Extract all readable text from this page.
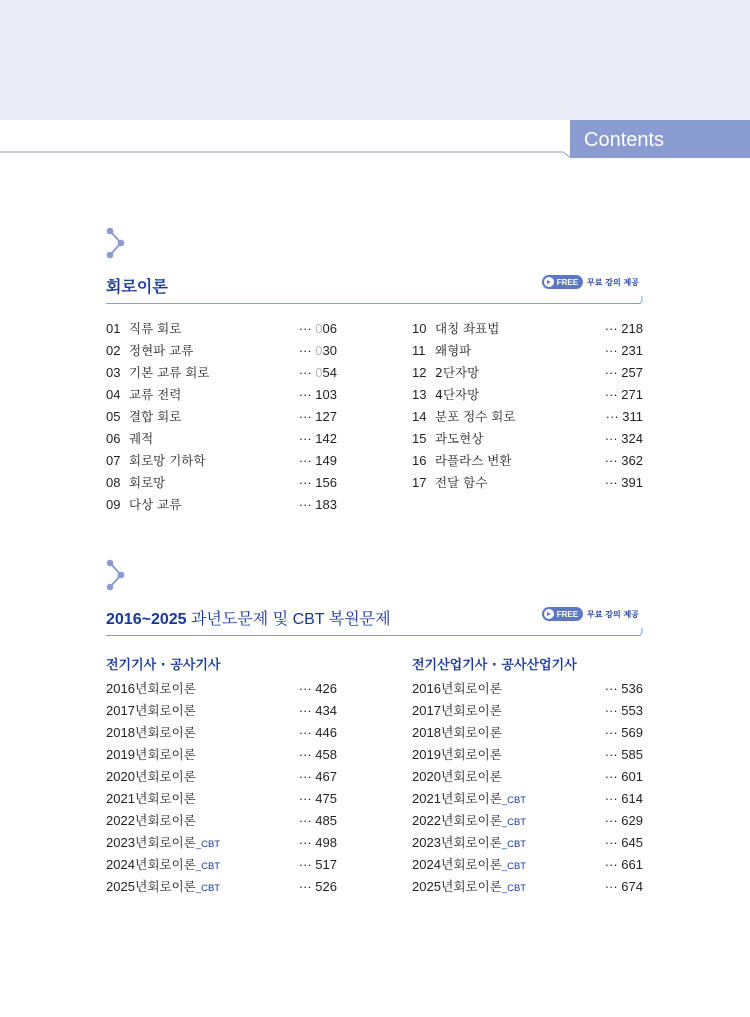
Contents
회로이론	FREE 무료 강의 제공
01 직류 회로	··· 006
02 정현파 교류	··· 030
03 기본 교류 회로	··· 054
04 교류 전력	··· 103
05 결합 회로	··· 127
06 궤적	··· 142
07 회로망 기하학	··· 149
08 회로망	··· 156
09 다상 교류	··· 183
10 대칭 좌표법	··· 218
11 왜형파	··· 231
12 2단자망	··· 257
13 4단자망	··· 271
14 분포 정수 회로	··· 311
15 과도현상	··· 324
16 라플라스 변환	··· 362
17 전달 함수	··· 391
2016~2025 과년도문제 및 CBT 복원문제	FREE 무료 강의 제공
전기기사 · 공사기사	전기산업기사 · 공사산업기사
2016년회로이론	··· 426
2017년회로이론	··· 434
2018년회로이론	··· 446
2019년회로이론	··· 458
2020년회로이론	··· 467
2021년회로이론	··· 475
2022년회로이론	··· 485
2023년회로이론_CBT	··· 498
2024년회로이론_CBT	··· 517
2025년회로이론_CBT	··· 526
2016년회로이론	··· 536
2017년회로이론	··· 553
2018년회로이론	··· 569
2019년회로이론	··· 585
2020년회로이론	··· 601
2021년회로이론_CBT	··· 614
2022년회로이론_CBT	··· 629
2023년회로이론_CBT	··· 645
2024년회로이론_CBT	··· 661
2025년회로이론_CBT	··· 674
